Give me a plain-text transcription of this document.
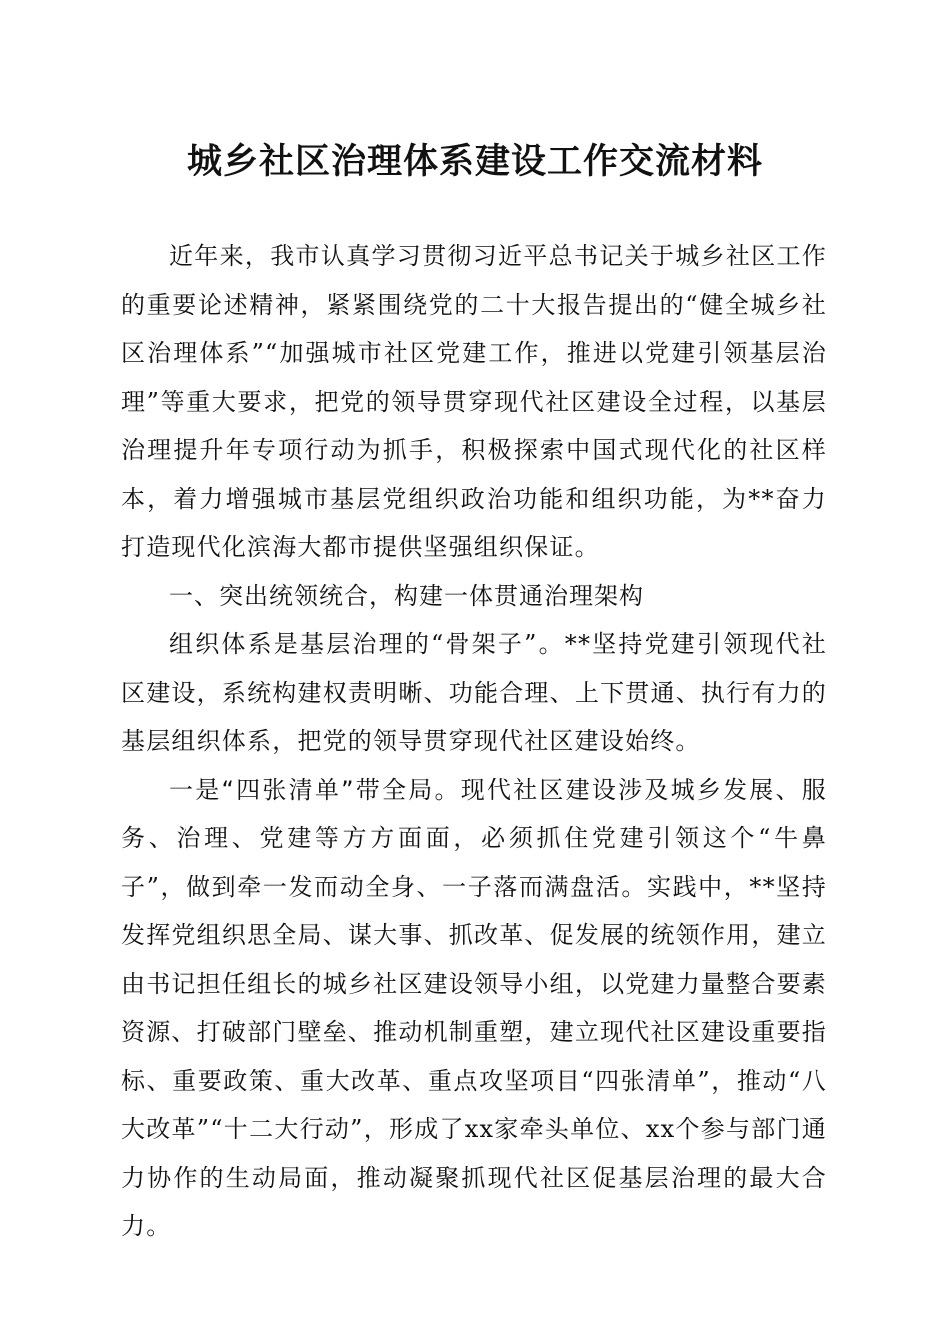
城乡社区治理体系建设工作交流材料

近年来，我市认真学习贯彻习近平总书记关于城乡社区工作的重要论述精神，紧紧围绕党的二十大报告提出的“健全城乡社区治理体系”“加强城市社区党建工作，推进以党建引领基层治理”等重大要求，把党的领导贯穿现代社区建设全过程，以基层治理提升年专项行动为抓手，积极探索中国式现代化的社区样本，着力增强城市基层党组织政治功能和组织功能，为**奋力打造现代化滨海大都市提供坚强组织保证。

一、突出统领统合，构建一体贯通治理架构

组织体系是基层治理的“骨架子”。**坚持党建引领现代社区建设，系统构建权责明晰、功能合理、上下贯通、执行有力的基层组织体系，把党的领导贯穿现代社区建设始终。

一是“四张清单”带全局。现代社区建设涉及城乡发展、服务、治理、党建等方方面面，必须抓住党建引领这个“牛鼻子”，做到牵一发而动全身、一子落而满盘活。实践中，**坚持发挥党组织思全局、谋大事、抓改革、促发展的统领作用，建立由书记担任组长的城乡社区建设领导小组，以党建力量整合要素资源、打破部门壁垒、推动机制重塑，建立现代社区建设重要指标、重要政策、重大改革、重点攻坚项目“四张清单”，推动“八大改革”“十二大行动”，形成了xx家牵头单位、xx个参与部门通力协作的生动局面，推动凝聚抓现代社区促基层治理的最大合力。
